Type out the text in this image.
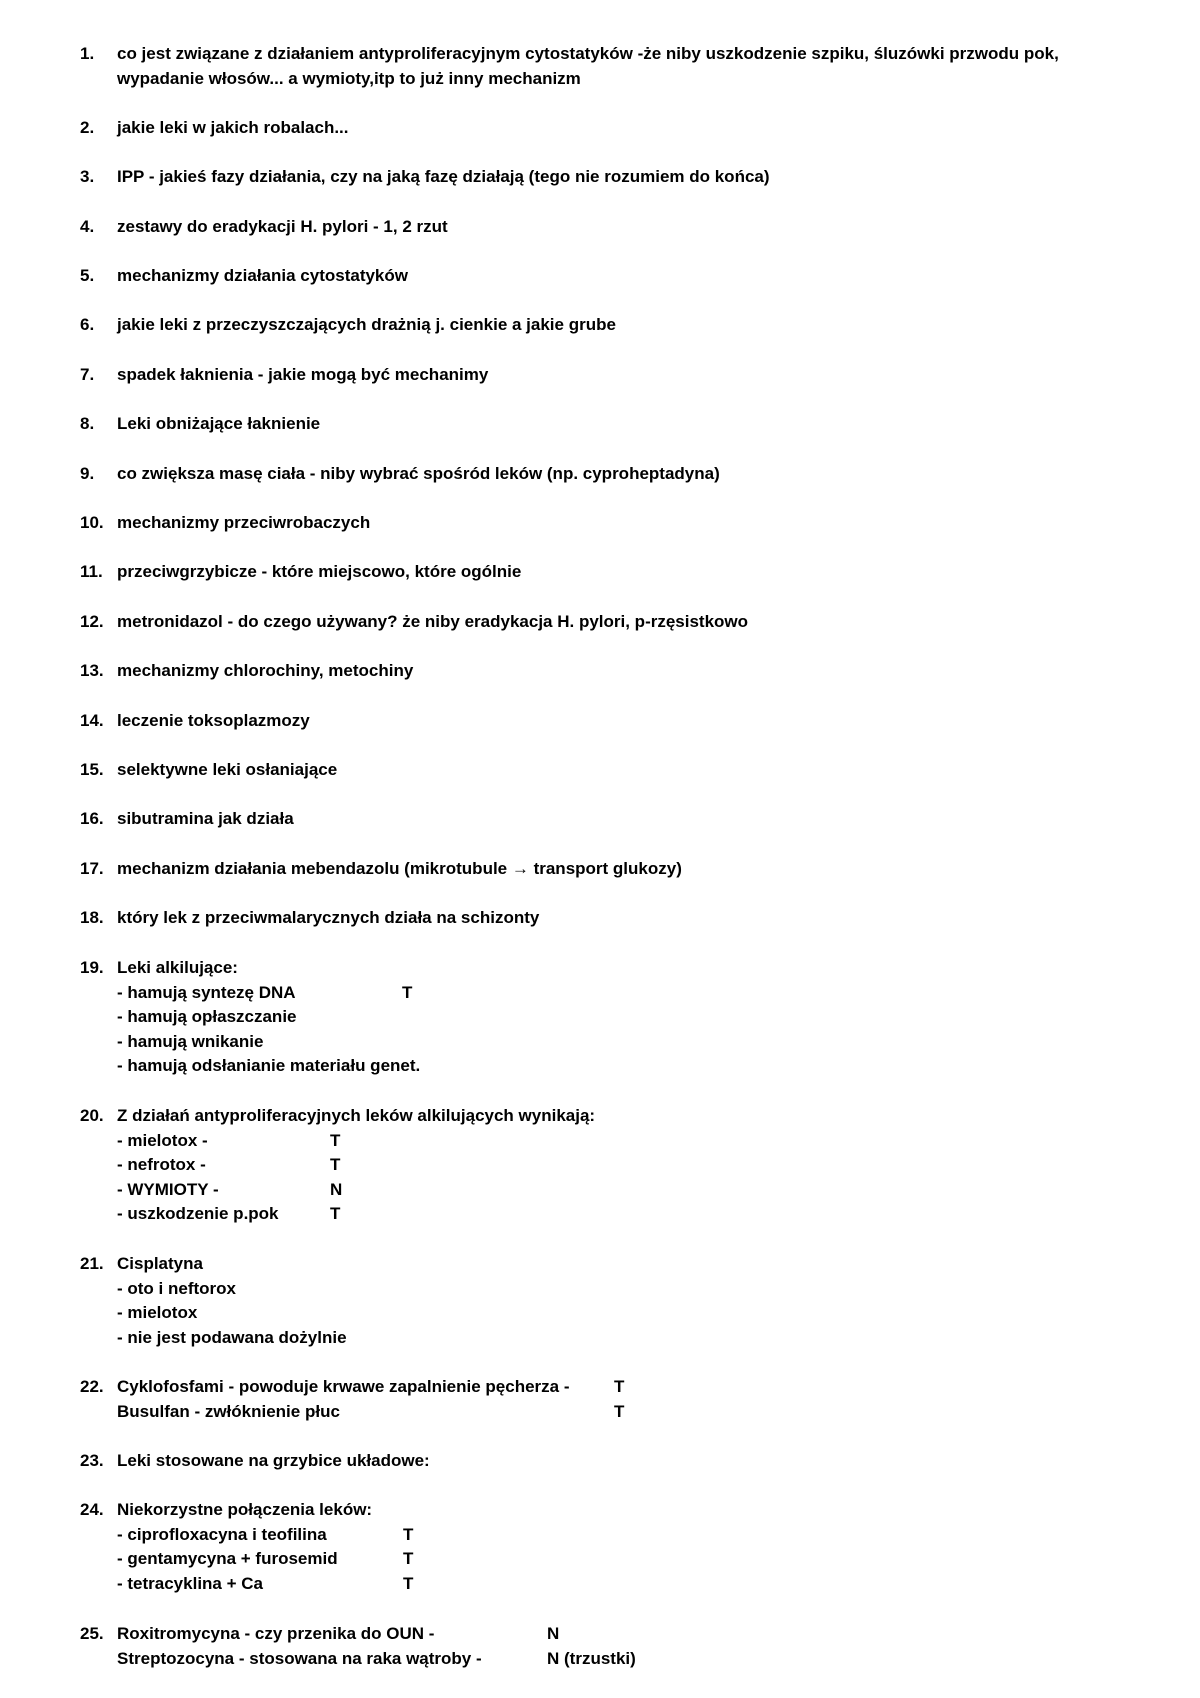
1.	co jest związane z działaniem antyproliferacyjnym cytostatyków -że niby uszkodzenie szpiku, śluzówki przwodu pok,
wypadanie włosów... a wymioty,itp to już inny mechanizm
2.	jakie leki w jakich robalach...
3.	IPP - jakieś fazy działania, czy na jaką fazę działają (tego nie rozumiem do końca)
4.	zestawy do eradykacji H. pylori - 1, 2 rzut
5.	mechanizmy działania cytostatyków
6.	jakie leki z przeczyszczających drażnią j. cienkie a jakie grube
7.	spadek łaknienia - jakie mogą być mechanimy
8.	Leki obniżające łaknienie
9.	co zwiększa masę ciała - niby wybrać spośród leków (np. cyproheptadyna)
10. mechanizmy przeciwrobaczych
11. przeciwgrzybicze - które miejscowo, które ogólnie
12. metronidazol - do czego używany? że niby eradykacja H. pylori, p-rzęsistkowo
13. mechanizmy chlorochiny, metochiny
14. leczenie toksoplazmozy
15. selektywne leki osłaniające
16. sibutramina jak działa
17. mechanizm działania mebendazolu (mikrotubule → transport glukozy)
18. który lek z przeciwmalarycznych działa na schizonty
19. Leki alkilujące:
- hamują syntezę DNA	T
- hamują opłaszczanie
- hamują wnikanie
- hamują odsłanianie materiału genet.
20. Z działań antyproliferacyjnych leków alkilujących wynikają:
- mielotox -	T
- nefrotox -	T
- WYMIOTY -	N
- uszkodzenie p.pok	T
21. Cisplatyna
- oto i neftorox
- mielotox
- nie jest podawana dożylnie
22. Cyklofosfami - powoduje krwawe zapalnienie pęcherza -	T
Busulfan - zwłóknienie płuc	T
23. Leki stosowane na grzybice układowe:
24. Niekorzystne połączenia leków:
- ciprofloxacyna i teofilina	T
- gentamycyna + furosemid	T
- tetracyklina + Ca	T
25. Roxitromycyna - czy przenika do OUN -	N
Streptozocyna - stosowana na raka wątroby -	N (trzustki)
